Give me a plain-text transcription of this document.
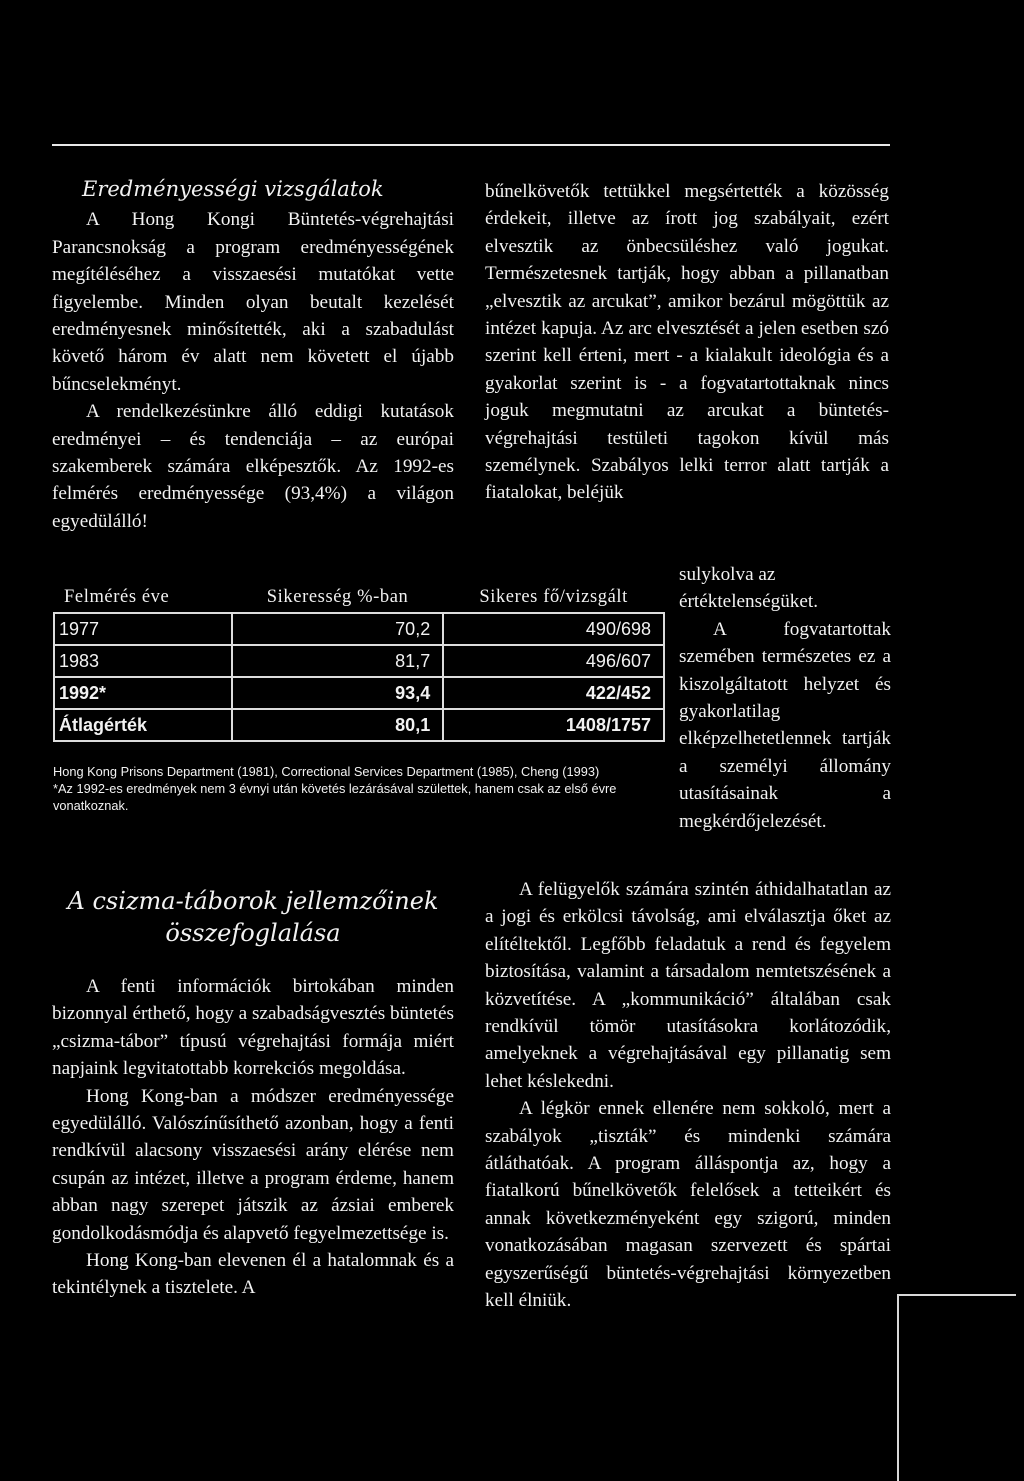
Eredményességi vizsgálatok

A Hong Kongi Büntetés-végrehajtási Parancsnokság a program eredményességének megítéléséhez a visszaesési mutatókat vette figyelembe. Minden olyan beutalt kezelését eredményesnek minősítették, aki a szabadulást követő három év alatt nem követett el újabb bűncselekményt.

A rendelkezésünkre álló eddigi kutatások eredményei – és tendenciája – az európai szakemberek számára elképesztők. Az 1992-es felmérés eredményessége (93,4%) a világon egyedülálló!

Felmérés éve	Sikeresség %-ban	Sikeres fő/vizsgált
1977	70,2	490/698
1983	81,7	496/607
1992*	93,4	422/452
Átlagérték	80,1	1408/1757

Hong Kong Prisons Department (1981), Correctional Services Department (1985), Cheng (1993)

*Az 1992-es eredmények nem 3 évnyi után követés lezárásával születtek, hanem csak az első évre vonatkoznak.

bűnelkövetők tettükkel megsértették a közösség érdekeit, illetve az írott jog szabályait, ezért elvesztik az önbecsüléshez való jogukat. Természetesnek tartják, hogy abban a pillanatban „elvesztik az arcukat”, amikor bezárul mögöttük az intézet kapuja. Az arc elvesztését a jelen esetben szó szerint kell érteni, mert - a kialakult ideológia és a gyakorlat szerint is - a fogvatartottaknak nincs joguk megmutatni az arcukat a büntetés-végrehajtási testületi tagokon kívül más személynek. Szabályos lelki terror alatt tartják a fiatalokat, beléjük

sulykolva az értéktelenségüket.

A fogvatartottak szemében természetes ez a kiszolgáltatott helyzet és gyakorlatilag elképzelhetetlennek tartják a személyi állomány utasításainak a megkérdőjelezését.

A csizma-táborok jellemzőinek
összefoglalása

A fenti információk birtokában minden bizonnyal érthető, hogy a szabadságvesztés büntetés „csizma-tábor” típusú végrehajtási formája miért napjaink legvitatottabb korrekciós megoldása.

Hong Kong-ban a módszer eredményessége egyedülálló. Valószínűsíthető azonban, hogy a fenti rendkívül alacsony visszaesési arány elérése nem csupán az intézet, illetve a program érdeme, hanem abban nagy szerepet játszik az ázsiai emberek gondolkodásmódja és alapvető fegyelmezettsége is.

Hong Kong-ban elevenen él a hatalomnak és a tekintélynek a tisztelete. A

A felügyelők számára szintén áthidalhatatlan az a jogi és erkölcsi távolság, ami elválasztja őket az elítéltektől. Legfőbb feladatuk a rend és fegyelem biztosítása, valamint a társadalom nemtetszésének a közvetítése. A „kommunikáció” általában csak rendkívül tömör utasításokra korlátozódik, amelyeknek a végrehajtásával egy pillanatig sem lehet késlekedni.

A légkör ennek ellenére nem sokkoló, mert a szabályok „tiszták” és mindenki számára átláthatóak. A program álláspontja az, hogy a fiatalkorú bűnelkövetők felelősek a tetteikért és annak következményeként egy szigorú, minden vonatkozásában magasan szervezett és spártai egyszerűségű büntetés-végrehajtási környezetben kell élniük.
